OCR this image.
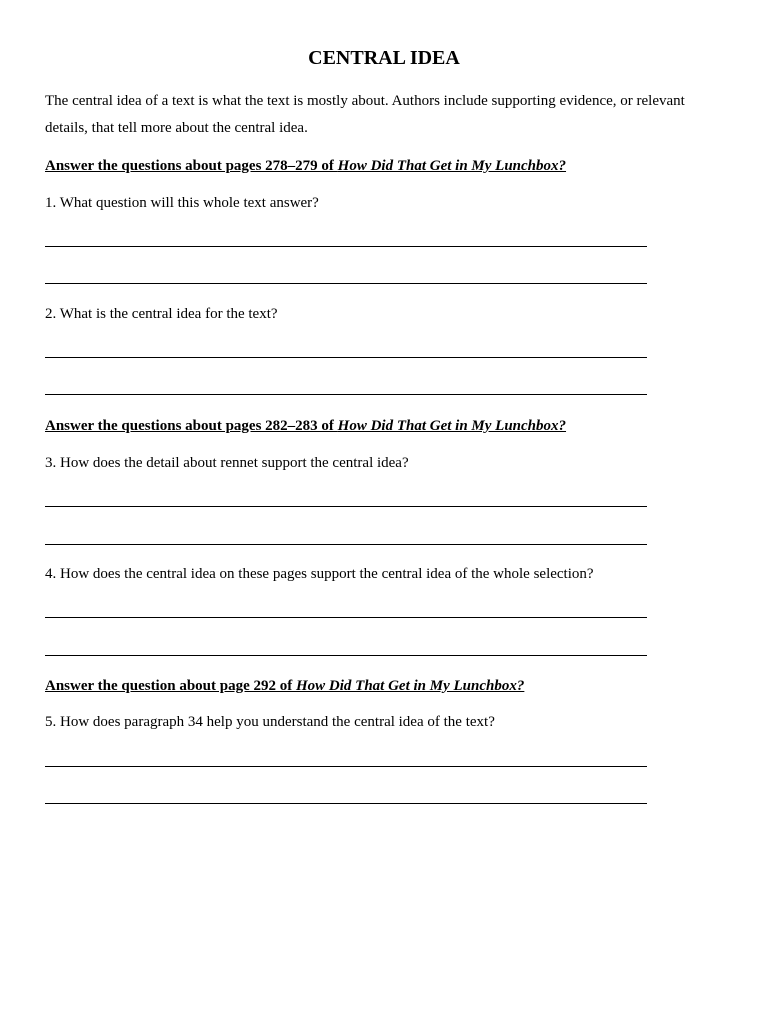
CENTRAL IDEA
The central idea of a text is what the text is mostly about. Authors include supporting evidence, or relevant details, that tell more about the central idea.
Answer the questions about pages 278–279 of How Did That Get in My Lunchbox?
1. What question will this whole text answer?
2. What is the central idea for the text?
Answer the questions about pages 282–283 of How Did That Get in My Lunchbox?
3. How does the detail about rennet support the central idea?
4. How does the central idea on these pages support the central idea of the whole selection?
Answer the question about page 292 of How Did That Get in My Lunchbox?
5. How does paragraph 34 help you understand the central idea of the text?
